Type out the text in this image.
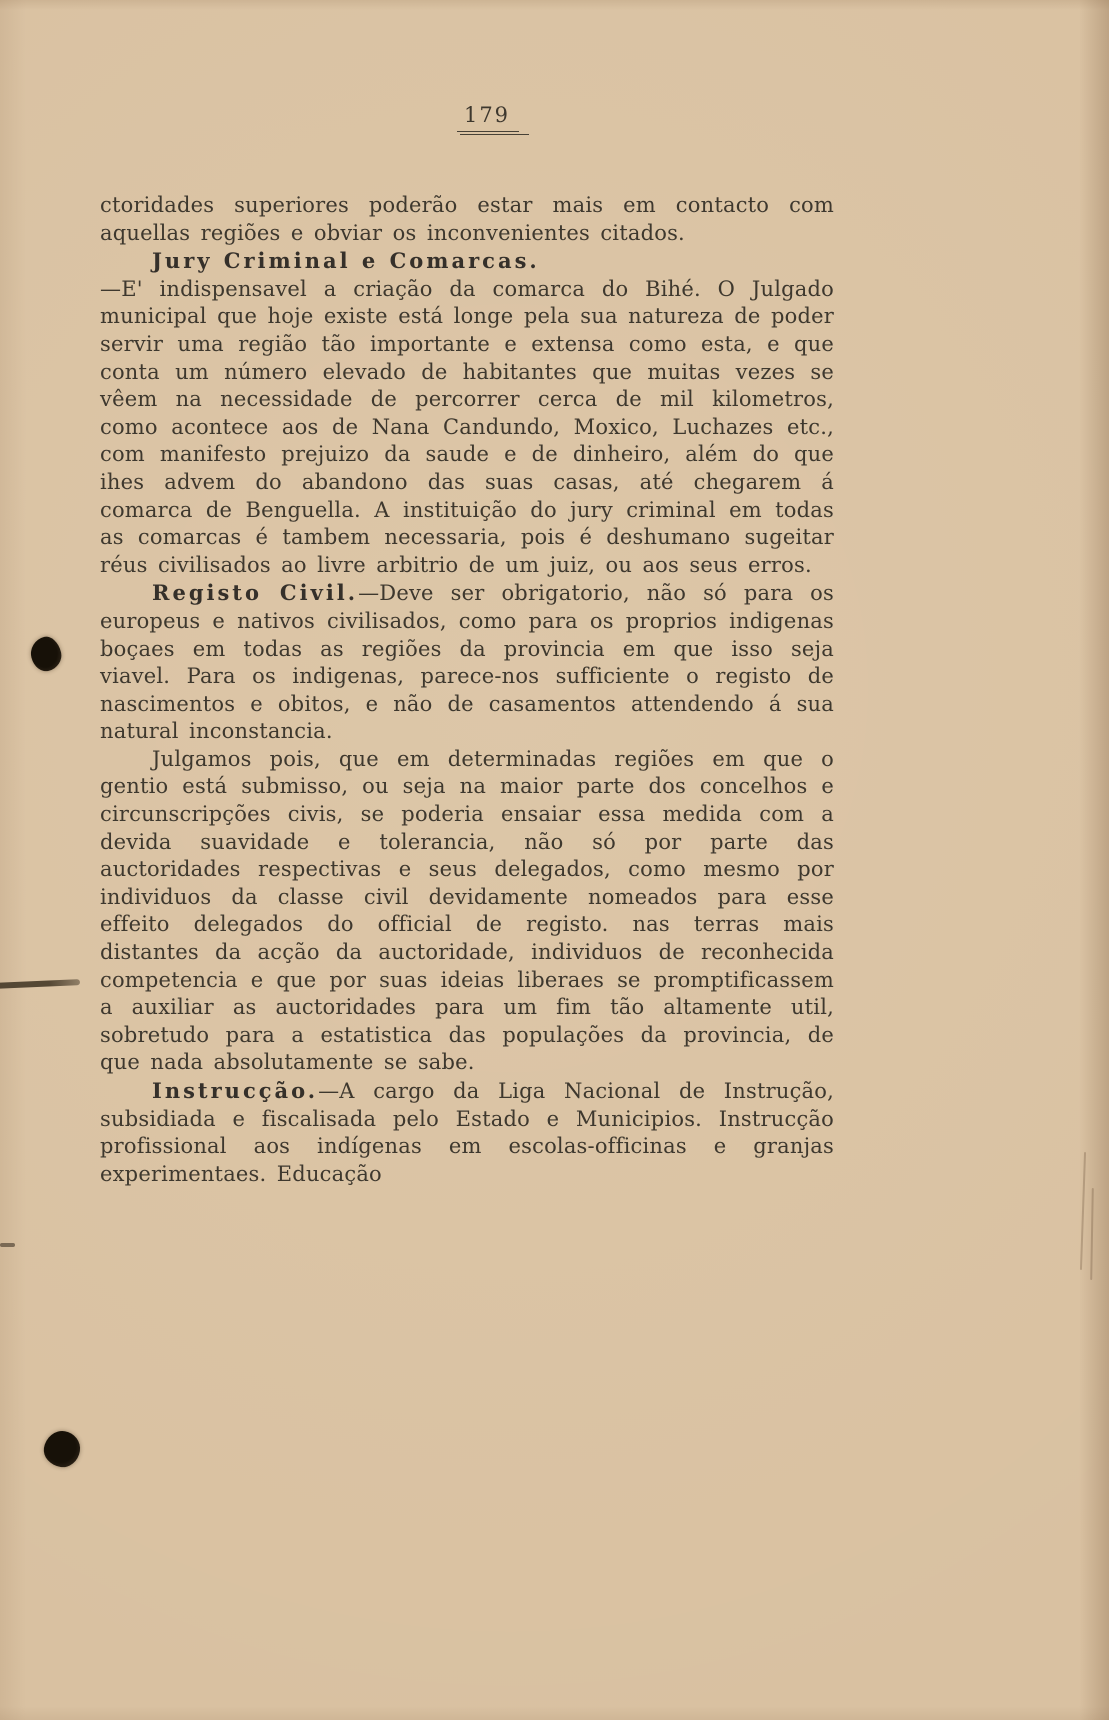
179

ctoridades superiores poderão estar mais em contacto com aquellas regiões e obviar os inconvenientes citados.

Jury Criminal e Comarcas.

—E' indispensavel a criação da comarca do Bihé. O Julgado municipal que hoje existe está longe pela sua natureza de poder servir uma região tão importante e extensa como esta, e que conta um número elevado de habitantes que muitas vezes se vêem na necessidade de percorrer cerca de mil kilometros, como acontece aos de Nana Candundo, Moxico, Luchazes etc., com manifesto prejuizo da saude e de dinheiro, além do que ihes advem do abandono das suas casas, até chegarem á comarca de Benguella. A instituição do jury criminal em todas as comarcas é tambem necessaria, pois é deshumano sugeitar réus civilisados ao livre arbitrio de um juiz, ou aos seus erros.

Registo Civil.—Deve ser obrigatorio, não só para os europeus e nativos civilisados, como para os proprios indigenas boçaes em todas as regiões da provincia em que isso seja viavel. Para os indigenas, parece-nos sufficiente o registo de nascimentos e obitos, e não de casamentos attendendo á sua natural inconstancia.

Julgamos pois, que em determinadas regiões em que o gentio está submisso, ou seja na maior parte dos concelhos e circunscripções civis, se poderia ensaiar essa medida com a devida suavidade e tolerancia, não só por parte das auctoridades respectivas e seus delegados, como mesmo por individuos da classe civil devidamente nomeados para esse effeito delegados do official de registo. nas terras mais distantes da acção da auctoridade, individuos de reconhecida competencia e que por suas ideias liberaes se promptificassem a auxiliar as auctoridades para um fim tão altamente util, sobretudo para a estatistica das populações da provincia, de que nada absolutamente se sabe.

Instrucção.—A cargo da Liga Nacional de Instrução, subsidiada e fiscalisada pelo Estado e Municipios. Instrucção profissional aos indígenas em escolas-officinas e granjas experimentaes. Educação
